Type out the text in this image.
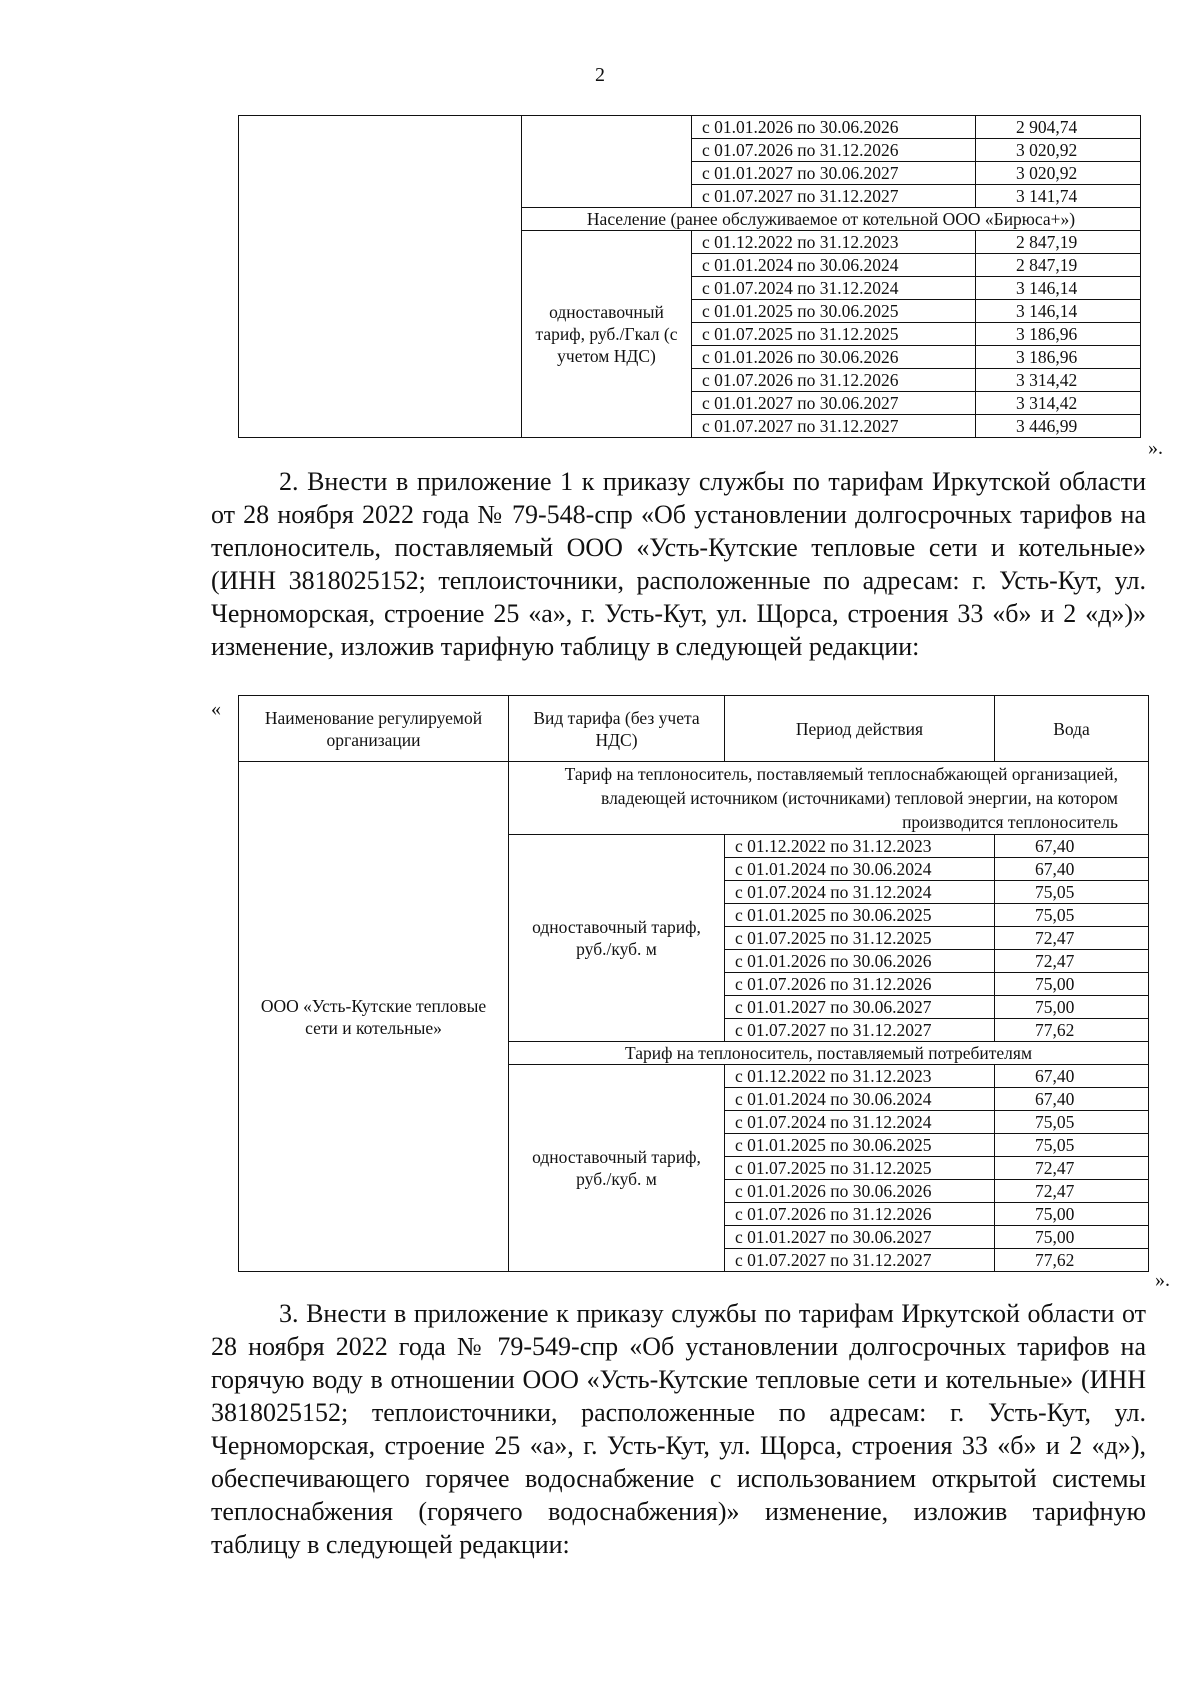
2
		с 01.01.2026 по 30.06.2026	2 904,74
		с 01.07.2026 по 31.12.2026	3 020,92
		с 01.01.2027 по 30.06.2027	3 020,92
		с 01.07.2027 по 31.12.2027	3 141,74
	Население (ранее обслуживаемое от котельной ООО «Бирюса+»)		
	одноставочный тариф, руб./Гкал (с учетом НДС)	с 01.12.2022 по 31.12.2023	2 847,19
		с 01.01.2024 по 30.06.2024	2 847,19
		с 01.07.2024 по 31.12.2024	3 146,14
		с 01.01.2025 по 30.06.2025	3 146,14
		с 01.07.2025 по 31.12.2025	3 186,96
		с 01.01.2026 по 30.06.2026	3 186,96
		с 01.07.2026 по 31.12.2026	3 314,42
		с 01.01.2027 по 30.06.2027	3 314,42
		с 01.07.2027 по 31.12.2027	3 446,99
».

2. Внести в приложение 1 к приказу службы по тарифам Иркутской области от 28 ноября 2022 года № 79-548-спр «Об установлении долгосрочных тарифов на теплоноситель, поставляемый ООО «Усть-Кутские тепловые сети и котельные» (ИНН 3818025152; теплоисточники, расположенные по адресам: г. Усть-Кут, ул. Черноморская, строение 25 «а», г. Усть-Кут, ул. Щорса, строения 33 «б» и 2 «д»)» изменение, изложив тарифную таблицу в следующей редакции:

«	Наименование регулируемой организации	Вид тарифа (без учета НДС)	Период действия	Вода
ООО «Усть-Кутские тепловые сети и котельные»	Тариф на теплоноситель, поставляемый теплоснабжающей организацией, владеющей источником (источниками) тепловой энергии, на котором производится теплоноситель		
	одноставочный тариф, руб./куб. м	с 01.12.2022 по 31.12.2023	67,40
		с 01.01.2024 по 30.06.2024	67,40
		с 01.07.2024 по 31.12.2024	75,05
		с 01.01.2025 по 30.06.2025	75,05
		с 01.07.2025 по 31.12.2025	72,47
		с 01.01.2026 по 30.06.2026	72,47
		с 01.07.2026 по 31.12.2026	75,00
		с 01.01.2027 по 30.06.2027	75,00
		с 01.07.2027 по 31.12.2027	77,62
	Тариф на теплоноситель, поставляемый потребителям		
	одноставочный тариф, руб./куб. м	с 01.12.2022 по 31.12.2023	67,40
		с 01.01.2024 по 30.06.2024	67,40
		с 01.07.2024 по 31.12.2024	75,05
		с 01.01.2025 по 30.06.2025	75,05
		с 01.07.2025 по 31.12.2025	72,47
		с 01.01.2026 по 30.06.2026	72,47
		с 01.07.2026 по 31.12.2026	75,00
		с 01.01.2027 по 30.06.2027	75,00
		с 01.07.2027 по 31.12.2027	77,62
».

3. Внести в приложение к приказу службы по тарифам Иркутской области от 28 ноября 2022 года № 79-549-спр «Об установлении долгосрочных тарифов на горячую воду в отношении ООО «Усть-Кутские тепловые сети и котельные» (ИНН 3818025152; теплоисточники, расположенные по адресам: г. Усть-Кут, ул. Черноморская, строение 25 «а», г. Усть-Кут, ул. Щорса, строения 33 «б» и 2 «д»), обеспечивающего горячее водоснабжение с использованием открытой системы теплоснабжения (горячего водоснабжения)» изменение, изложив тарифную таблицу в следующей редакции:
